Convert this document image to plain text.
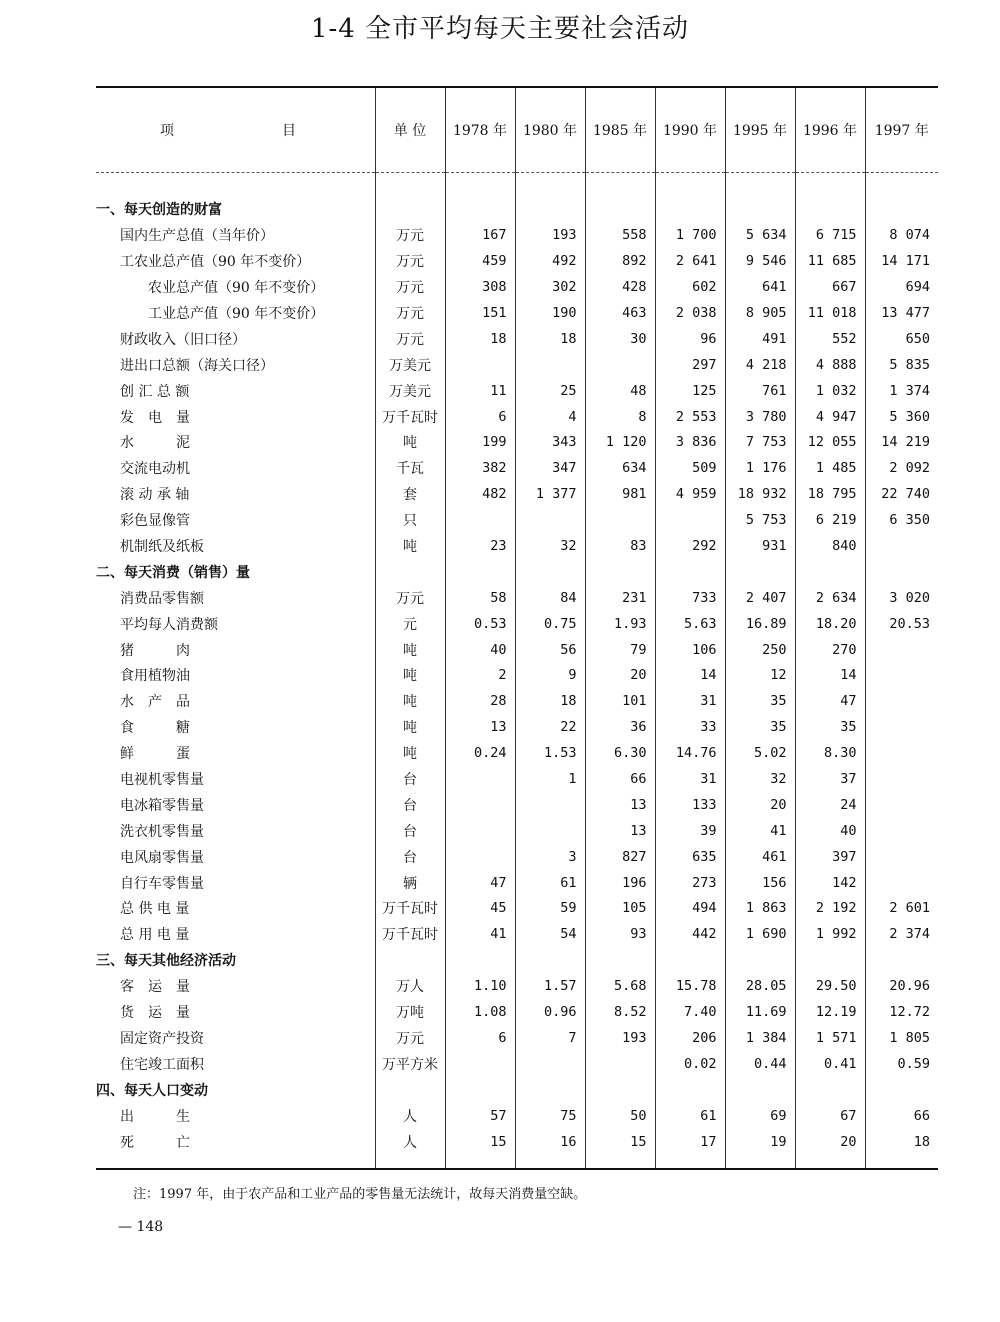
1-4 全市平均每天主要社会活动
项 目	单 位	1978 年	1980 年	1985 年	1990 年	1995 年	1996 年	1997 年

一、每天创造的财富								
国内生产总值（当年价）	万元	167	193	558	1 700	5 634	6 715	8 074
工农业总产值（90 年不变价）	万元	459	492	892	2 641	9 546	11 685	14 171
农业总产值（90 年不变价）	万元	308	302	428	602	641	667	694
工业总产值（90 年不变价）	万元	151	190	463	2 038	8 905	11 018	13 477
财政收入（旧口径）	万元	18	18	30	96	491	552	650
进出口总额（海关口径）	万美元				297	4 218	4 888	5 835
创 汇 总 额	万美元	11	25	48	125	761	1 032	1 374
发　电　量	万千瓦时	6	4	8	2 553	3 780	4 947	5 360
水　　　泥	吨	199	343	1 120	3 836	7 753	12 055	14 219
交流电动机	千瓦	382	347	634	509	1 176	1 485	2 092
滚 动 承 轴	套	482	1 377	981	4 959	18 932	18 795	22 740
彩色显像管	只					5 753	6 219	6 350
机制纸及纸板	吨	23	32	83	292	931	840	
二、每天消费（销售）量								
消费品零售额	万元	58	84	231	733	2 407	2 634	3 020
平均每人消费额	元	0.53	0.75	1.93	5.63	16.89	18.20	20.53
猪　　　肉	吨	40	56	79	106	250	270	
食用植物油	吨	2	9	20	14	12	14	
水　产　品	吨	28	18	101	31	35	47	
食　　　糖	吨	13	22	36	33	35	35	
鲜　　　蛋	吨	0.24	1.53	6.30	14.76	5.02	8.30	
电视机零售量	台		1	66	31	32	37	
电冰箱零售量	台			13	133	20	24	
洗衣机零售量	台			13	39	41	40	
电风扇零售量	台		3	827	635	461	397	
自行车零售量	辆	47	61	196	273	156	142	
总 供 电 量	万千瓦时	45	59	105	494	1 863	2 192	2 601
总 用 电 量	万千瓦时	41	54	93	442	1 690	1 992	2 374
三、每天其他经济活动								
客　运　量	万人	1.10	1.57	5.68	15.78	28.05	29.50	20.96
货　运　量	万吨	1.08	0.96	8.52	7.40	11.69	12.19	12.72
固定资产投资	万元	6	7	193	206	1 384	1 571	1 805
住宅竣工面积	万平方米				0.02	0.44	0.41	0.59
四、每天人口变动								
出　　　生	人	57	75	50	61	69	67	66
死　　　亡	人	15	16	15	17	19	20	18
注：1997 年，由于农产品和工业产品的零售量无法统计，故每天消费量空缺。
— 148
